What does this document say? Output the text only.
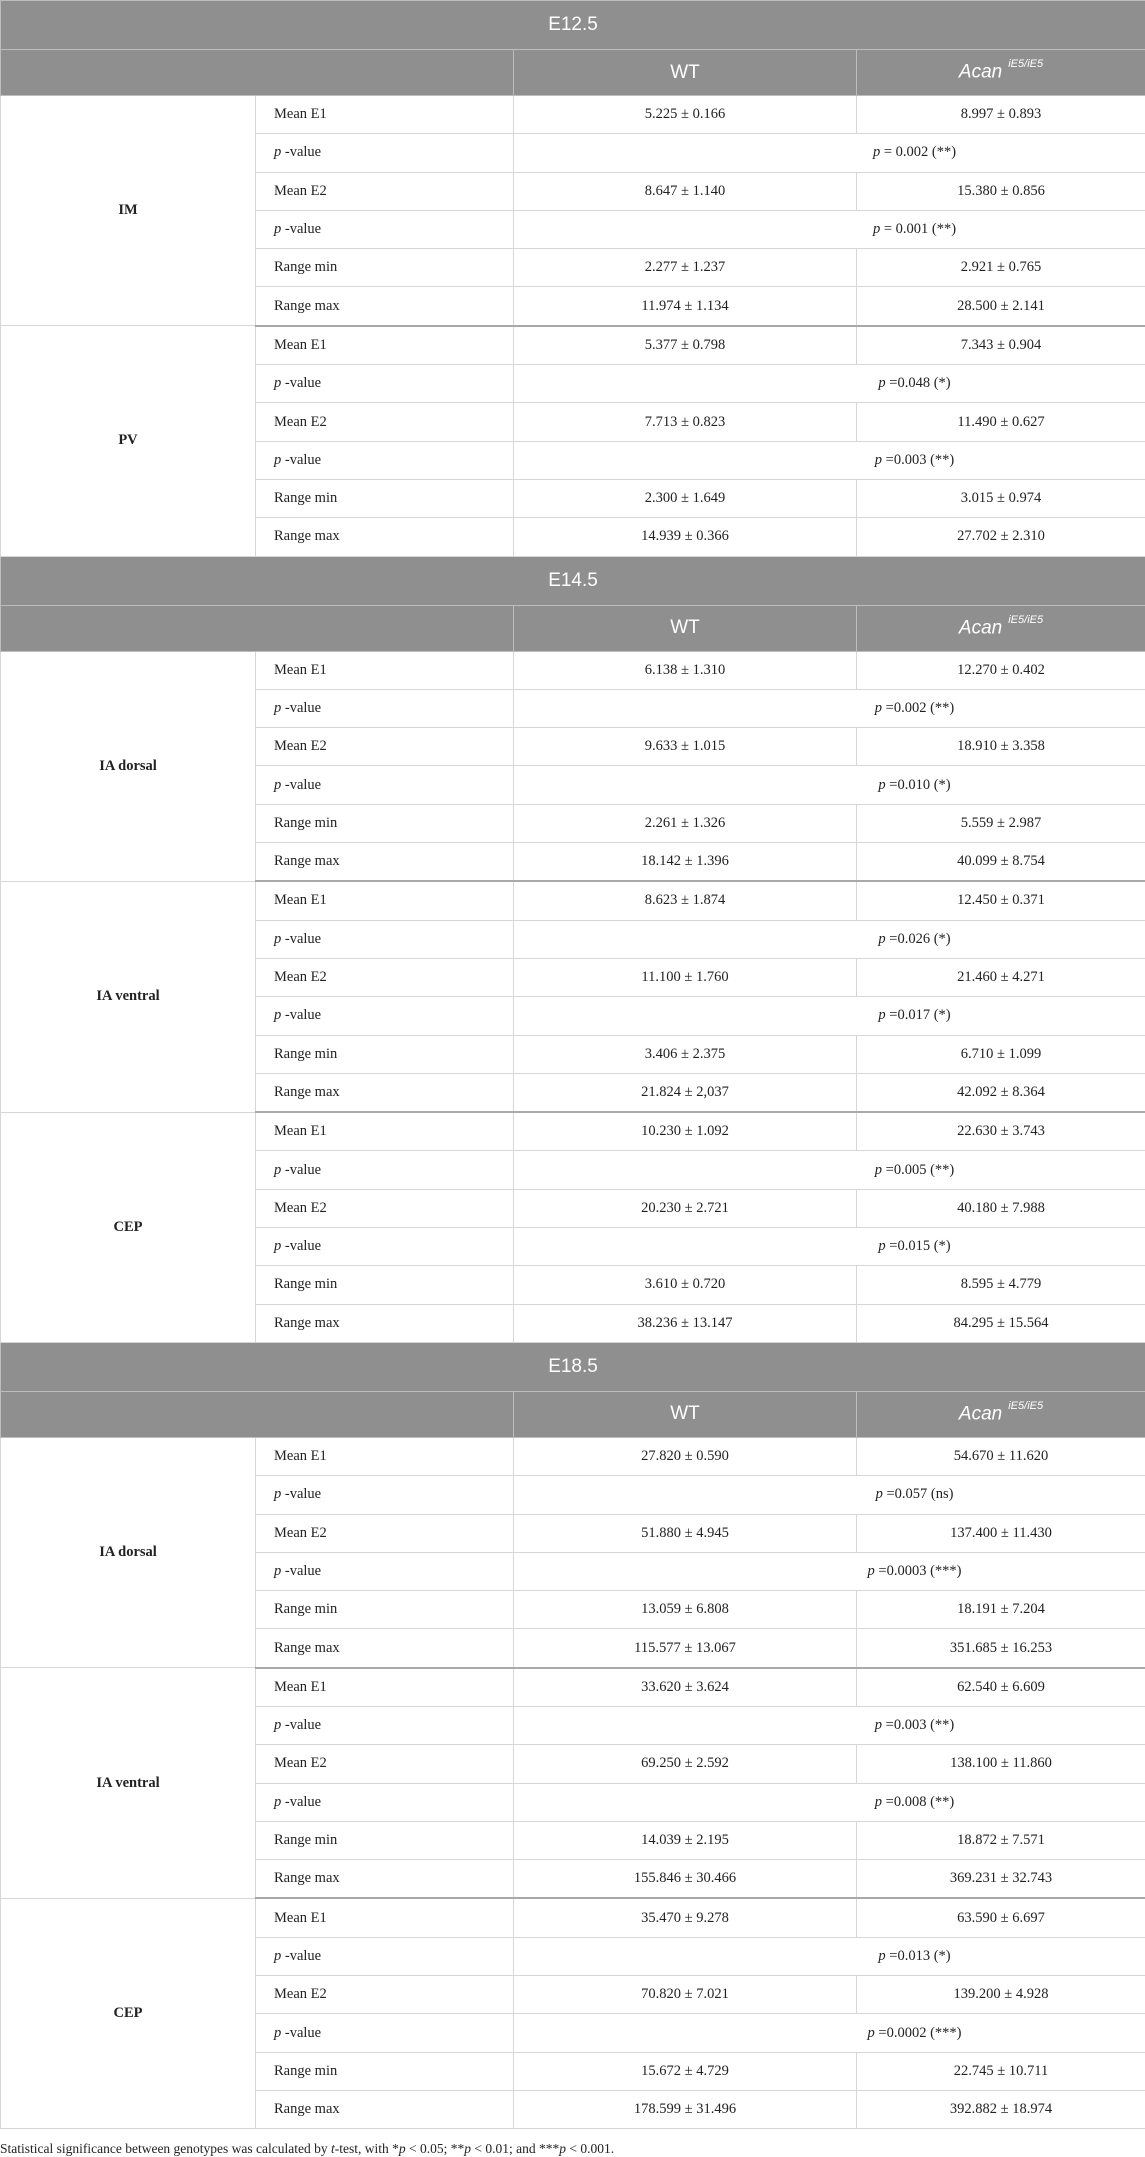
E12.5			
		WT	Acan $^{iE5/iE5}$
IM	Mean E1	5.225 ± 0.166	8.997 ± 0.893
	p -value	p = 0.002 (**)	
	Mean E2	8.647 ± 1.140	15.380 ± 0.856
	p -value	p = 0.001 (**)	
	Range min	2.277 ± 1.237	2.921 ± 0.765
	Range max	11.974 ± 1.134	28.500 ± 2.141
PV	Mean E1	5.377 ± 0.798	7.343 ± 0.904
	p -value	p =0.048 (*)	
	Mean E2	7.713 ± 0.823	11.490 ± 0.627
	p -value	p =0.003 (**)	
	Range min	2.300 ± 1.649	3.015 ± 0.974
	Range max	14.939 ± 0.366	27.702 ± 2.310
E14.5			
		WT	Acan $^{iE5/iE5}$
IA dorsal	Mean E1	6.138 ± 1.310	12.270 ± 0.402
	p -value	p =0.002 (**)	
	Mean E2	9.633 ± 1.015	18.910 ± 3.358
	p -value	p =0.010 (*)	
	Range min	2.261 ± 1.326	5.559 ± 2.987
	Range max	18.142 ± 1.396	40.099 ± 8.754
IA ventral	Mean E1	8.623 ± 1.874	12.450 ± 0.371
	p -value	p =0.026 (*)	
	Mean E2	11.100 ± 1.760	21.460 ± 4.271
	p -value	p =0.017 (*)	
	Range min	3.406 ± 2.375	6.710 ± 1.099
	Range max	21.824 ± 2,037	42.092 ± 8.364
CEP	Mean E1	10.230 ± 1.092	22.630 ± 3.743
	p -value	p =0.005 (**)	
	Mean E2	20.230 ± 2.721	40.180 ± 7.988
	p -value	p =0.015 (*)	
	Range min	3.610 ± 0.720	8.595 ± 4.779
	Range max	38.236 ± 13.147	84.295 ± 15.564
E18.5			
		WT	Acan $^{iE5/iE5}$
IA dorsal	Mean E1	27.820 ± 0.590	54.670 ± 11.620
	p -value	p =0.057 (ns)	
	Mean E2	51.880 ± 4.945	137.400 ± 11.430
	p -value	p =0.0003 (***)	
	Range min	13.059 ± 6.808	18.191 ± 7.204
	Range max	115.577 ± 13.067	351.685 ± 16.253
IA ventral	Mean E1	33.620 ± 3.624	62.540 ± 6.609
	p -value	p =0.003 (**)	
	Mean E2	69.250 ± 2.592	138.100 ± 11.860
	p -value	p =0.008 (**)	
	Range min	14.039 ± 2.195	18.872 ± 7.571
	Range max	155.846 ± 30.466	369.231 ± 32.743
CEP	Mean E1	35.470 ± 9.278	63.590 ± 6.697
	p -value	p =0.013 (*)	
	Mean E2	70.820 ± 7.021	139.200 ± 4.928
	p -value	p =0.0002 (***)	
	Range min	15.672 ± 4.729	22.745 ± 10.711
	Range max	178.599 ± 31.496	392.882 ± 18.974
Statistical significance between genotypes was calculated by t-test, with *p < 0.05; **p < 0.01; and ***p < 0.001.
